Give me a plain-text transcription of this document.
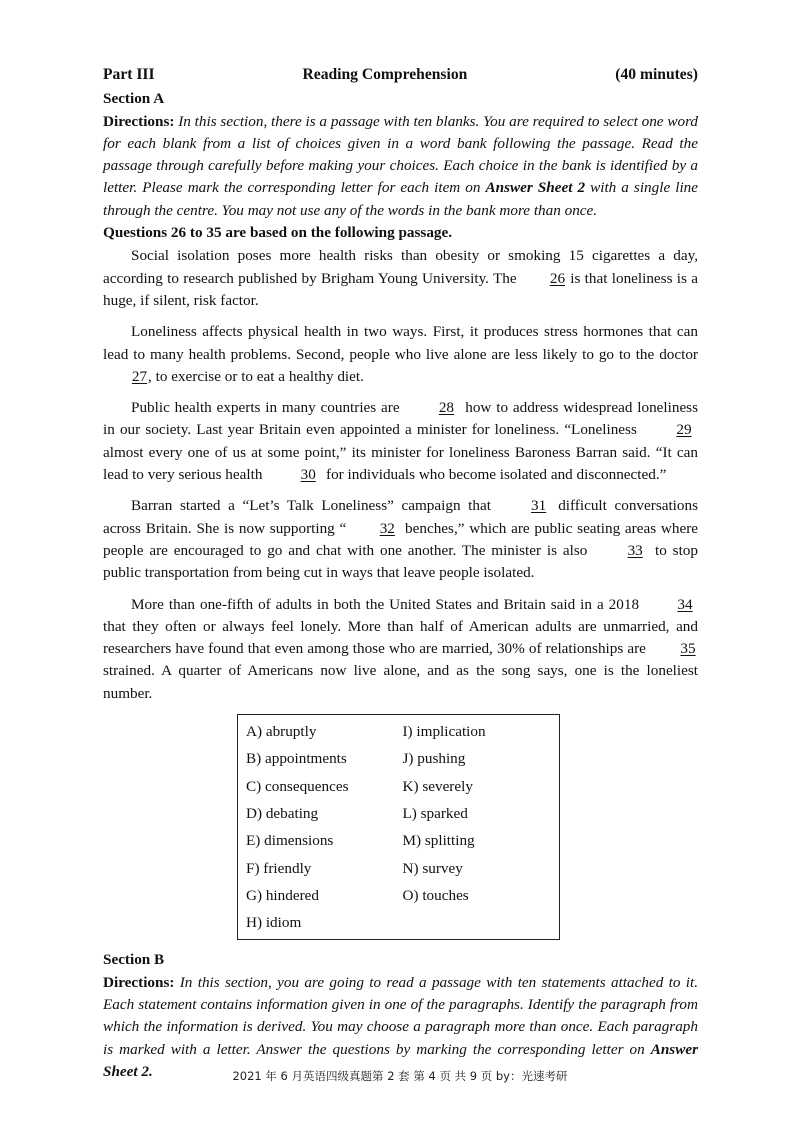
Part III	Reading Comprehension	(40 minutes)
Section A
Directions: In this section, there is a passage with ten blanks. You are required to select one word for each blank from a list of choices given in a word bank following the passage. Read the passage through carefully before making your choices. Each choice in the bank is identified by a letter. Please mark the corresponding letter for each item on Answer Sheet 2 with a single line through the centre. You may not use any of the words in the bank more than once.
Questions 26 to 35 are based on the following passage.

Social isolation poses more health risks than obesity or smoking 15 cigarettes a day, according to research published by Brigham Young University. The 26 is that loneliness is a huge, if silent, risk factor.

Loneliness affects physical health in two ways. First, it produces stress hormones that can lead to many health problems. Second, people who live alone are less likely to go to the doctor 27, to exercise or to eat a healthy diet.

Public health experts in many countries are 28 how to address widespread loneliness in our society. Last year Britain even appointed a minister for loneliness. “Loneliness 29 almost every one of us at some point,” its minister for loneliness Baroness Barran said. “It can lead to very serious health 30 for individuals who become isolated and disconnected.”

Barran started a “Let’s Talk Loneliness” campaign that 31 difficult conversations across Britain. She is now supporting “ 32 benches,” which are public seating areas where people are encouraged to go and chat with one another. The minister is also 33 to stop public transportation from being cut in ways that leave people isolated.

More than one-fifth of adults in both the United States and Britain said in a 2018 34 that they often or always feel lonely. More than half of American adults are unmarried, and researchers have found that even among those who are married, 30% of relationships are 35 strained. A quarter of Americans now live alone, and as the song says, one is the loneliest number.

A) abruptly
B) appointments
C) consequences
D) debating
E) dimensions
F) friendly
G) hindered
H) idiom
I) implication
J) pushing
K) severely
L) sparked
M) splitting
N) survey
O) touches
Section B
Directions: In this section, you are going to read a passage with ten statements attached to it. Each statement contains information given in one of the paragraphs. Identify the paragraph from which the information is derived. You may choose a paragraph more than once. Each paragraph is marked with a letter. Answer the questions by marking the corresponding letter on Answer Sheet 2.	2021 年 6 月英语四级真题第 2 套 第 4 页 共 9 页 by：光速考研
